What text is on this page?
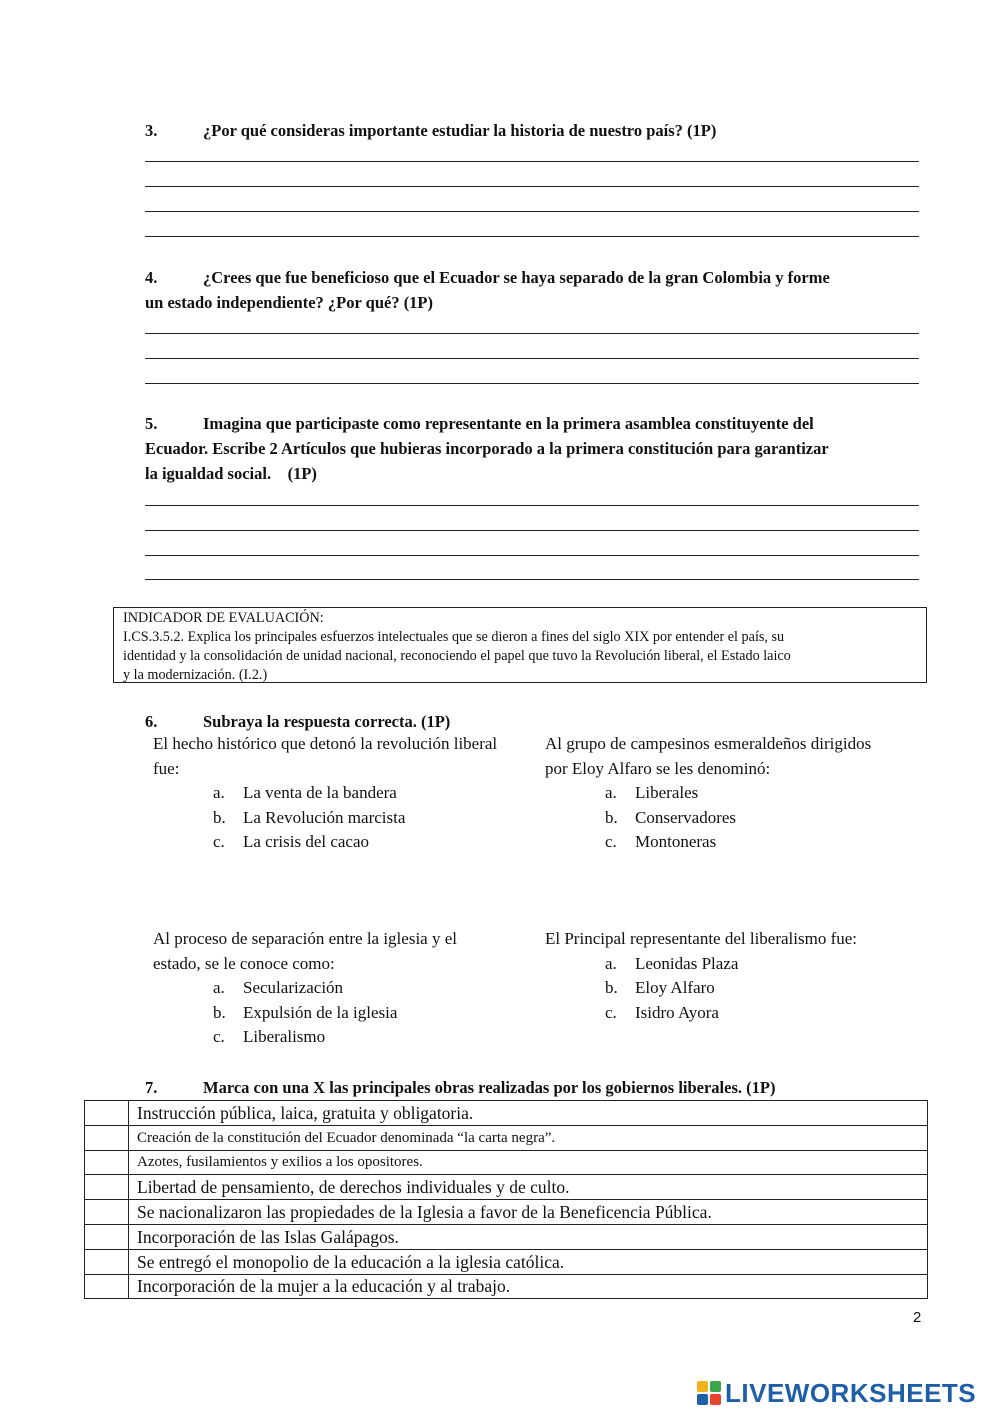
3.	¿Por qué consideras importante estudiar la historia de nuestro país? (1P)
4.	¿Crees que fue beneficioso que el Ecuador se haya separado de la gran Colombia y forme
un estado independiente? ¿Por qué? (1P)
5.	Imagina que participaste como representante en la primera asamblea constituyente del
Ecuador. Escribe 2 Artículos que hubieras incorporado a la primera constitución para garantizar
la igualdad social.    (1P)
INDICADOR DE EVALUACIÓN:
I.CS.3.5.2. Explica los principales esfuerzos intelectuales que se dieron a fines del siglo XIX por entender el país, su
identidad y la consolidación de unidad nacional, reconociendo el papel que tuvo la Revolución liberal, el Estado laico
y la modernización. (I.2.)
6.	Subraya la respuesta correcta. (1P)
El hecho histórico que detonó la revolución liberal
fue:
a. La venta de la bandera
b. La Revolución marcista
c. La crisis del cacao
Al grupo de campesinos esmeraldeños dirigidos
por Eloy Alfaro se les denominó:
a. Liberales
b. Conservadores
c. Montoneras
Al proceso de separación entre la iglesia y el
estado, se le conoce como:
a. Secularización
b. Expulsión de la iglesia
c. Liberalismo
El Principal representante del liberalismo fue:
a. Leonidas Plaza
b. Eloy Alfaro
c. Isidro Ayora
7.	Marca con una X las principales obras realizadas por los gobiernos liberales. (1P)
	Instrucción pública, laica, gratuita y obligatoria.
	Creación de la constitución del Ecuador denominada “la carta negra”.
	Azotes, fusilamientos y exilios a los opositores.
	Libertad de pensamiento, de derechos individuales y de culto.
	Se nacionalizaron las propiedades de la Iglesia a favor de la Beneficencia Pública.
	Incorporación de las Islas Galápagos.
	Se entregó el monopolio de la educación a la iglesia católica.
	Incorporación de la mujer a la educación y al trabajo.
2
LIVEWORKSHEETS
